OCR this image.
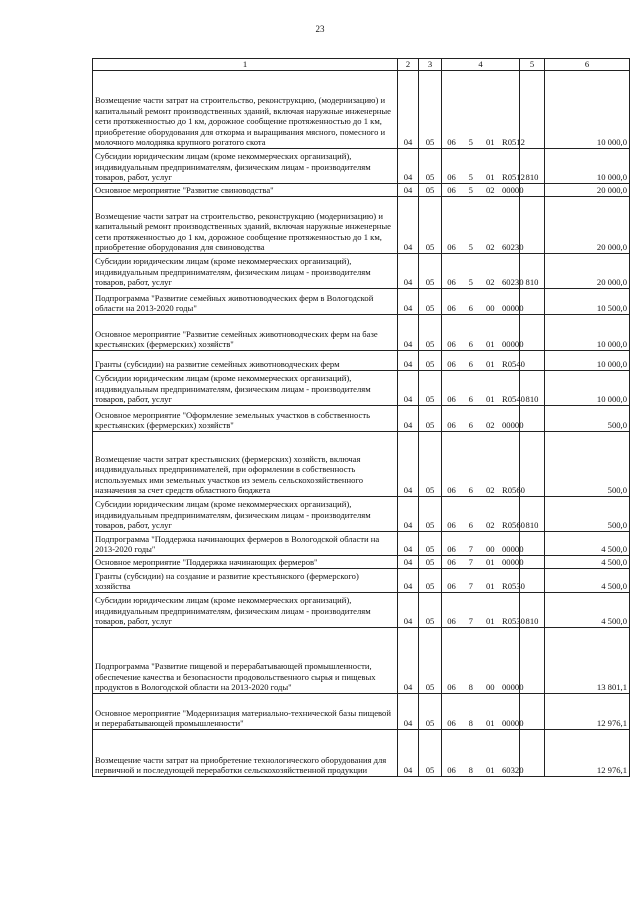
23
1	2	3	4				5	6
Возмещение части затрат на строительство, реконструкцию, (модернизацию) и капитальный ремонт производственных зданий, включая наружные инженерные сети протяженностью до 1 км, дорожное сообщение протяженностью до 1 км, приобретение оборудования для откорма и выращивания мясного, помесного и молочного молодняка крупного рогатого скота	04	05	06	5	01	R0512		10 000,0
Субсидии юридическим лицам (кроме некоммерческих организаций), индивидуальным предпринимателям, физическим лицам - производителям товаров, работ, услуг	04	05	06	5	01	R0512	810	10 000,0
Основное мероприятие "Развитие свиноводства"	04	05	06	5	02	00000		20 000,0
Возмещение части затрат на строительство, реконструкцию (модернизацию) и капитальный ремонт производственных зданий, включая наружные инженерные сети протяженностью до 1 км, дорожное сообщение протяженностью до 1 км, приобретение оборудования для свиноводства	04	05	06	5	02	60230		20 000,0
Субсидии юридическим лицам (кроме некоммерческих организаций), индивидуальным предпринимателям, физическим лицам - производителям товаров, работ, услуг	04	05	06	5	02	60230	810	20 000,0
Подпрограмма "Развитие семейных животноводческих ферм в Вологодской области на 2013-2020 годы"	04	05	06	6	00	00000		10 500,0
Основное мероприятие "Развитие семейных животноводческих ферм на базе крестьянских (фермерских) хозяйств"	04	05	06	6	01	00000		10 000,0
Гранты (субсидии) на развитие семейных животноводческих ферм	04	05	06	6	01	R0540		10 000,0
Субсидии юридическим лицам (кроме некоммерческих организаций), индивидуальным предпринимателям, физическим лицам - производителям товаров, работ, услуг	04	05	06	6	01	R0540	810	10 000,0
Основное мероприятие "Оформление земельных участков в собственность крестьянских (фермерских) хозяйств"	04	05	06	6	02	00000		500,0
Возмещение части затрат крестьянских (фермерских) хозяйств, включая индивидуальных предпринимателей, при оформлении в собственность используемых ими земельных участков из земель сельскохозяйственного назначения за счет средств областного бюджета	04	05	06	6	02	R0560		500,0
Субсидии юридическим лицам (кроме некоммерческих организаций), индивидуальным предпринимателям, физическим лицам - производителям товаров, работ, услуг	04	05	06	6	02	R0560	810	500,0
Подпрограмма "Поддержка начинающих фермеров в Вологодской области на 2013-2020 годы"	04	05	06	7	00	00000		4 500,0
Основное мероприятие "Поддержка начинающих фермеров"	04	05	06	7	01	00000		4 500,0
Гранты (субсидии) на создание и развитие крестьянского (фермерского) хозяйства	04	05	06	7	01	R0530		4 500,0
Субсидии юридическим лицам (кроме некоммерческих организаций), индивидуальным предпринимателям, физическим лицам - производителям товаров, работ, услуг	04	05	06	7	01	R0530	810	4 500,0
Подпрограмма "Развитие пищевой и перерабатывающей промышленности, обеспечение качества и безопасности продовольственного сырья и пищевых продуктов в Вологодской области на 2013-2020 годы"	04	05	06	8	00	00000		13 801,1
Основное мероприятие "Модернизация материально-технической базы пищевой и перерабатывающей промышленности"	04	05	06	8	01	00000		12 976,1
Возмещение части затрат на приобретение технологического оборудования для первичной и последующей переработки сельскохозяйственной продукции	04	05	06	8	01	60320		12 976,1
